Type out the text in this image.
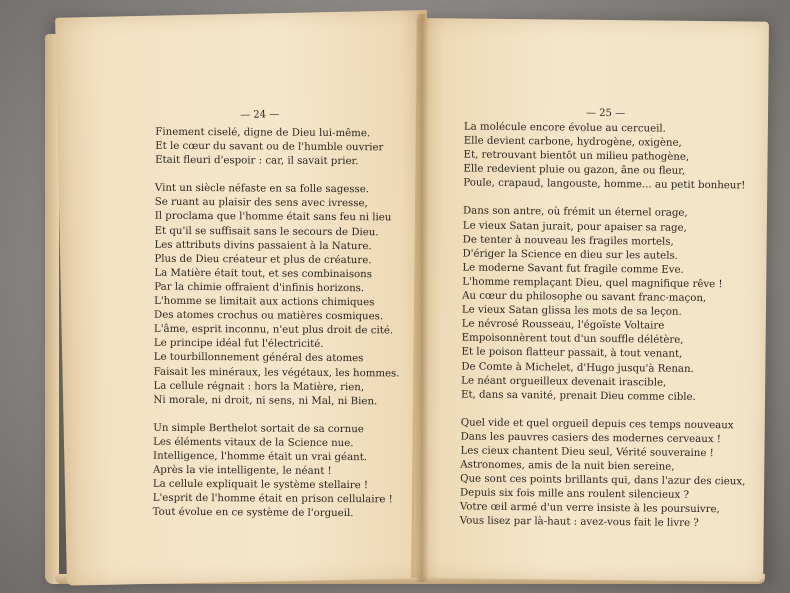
— 24 —
Finement ciselé, digne de Dieu lui-même.
Et le cœur du savant ou de l'humble ouvrier
Etait fleuri d'espoir : car, il savait prier.
Vint un siècle néfaste en sa folle sagesse.
Se ruant au plaisir des sens avec ivresse,
Il proclama que l'homme était sans feu ni lieu
Et qu'il se suffisait sans le secours de Dieu.
Les attributs divins passaient à la Nature.
Plus de Dieu créateur et plus de créature.
La Matière était tout, et ses combinaisons
Par la chimie offraient d'infinis horizons.
L'homme se limitait aux actions chimiques
Des atomes crochus ou matières cosmiques.
L'âme, esprit inconnu, n'eut plus droit de cité.
Le principe idéal fut l'électricité.
Le tourbillonnement général des atomes
Faisait les minéraux, les végétaux, les hommes.
La cellule régnait : hors la Matière, rien,
Ni morale, ni droit, ni sens, ni Mal, ni Bien.
Un simple Berthelot sortait de sa cornue
Les éléments vitaux de la Science nue.
Intelligence, l'homme était un vrai géant.
Après la vie intelligente, le néant !
La cellule expliquait le système stellaire !
L'esprit de l'homme était en prison cellulaire !
Tout évolue en ce système de l'orgueil.
— 25 —
La molécule encore évolue au cercueil.
Elle devient carbone, hydrogène, oxigène,
Et, retrouvant bientôt un milieu pathogène,
Elle redevient pluie ou gazon, âne ou fleur,
Poule, crapaud, langouste, homme... au petit bonheur!
Dans son antre, où frémit un éternel orage,
Le vieux Satan jurait, pour apaiser sa rage,
De tenter à nouveau les fragiles mortels,
D'ériger la Science en dieu sur les autels.
Le moderne Savant fut fragile comme Eve.
L'homme remplaçant Dieu, quel magnifique rêve !
Au cœur du philosophe ou savant franc-maçon,
Le vieux Satan glissa les mots de sa leçon.
Le névrosé Rousseau, l'égoïste Voltaire
Empoisonnèrent tout d'un souffle délétère,
Et le poison flatteur passait, à tout venant,
De Comte à Michelet, d'Hugo jusqu'à Renan.
Le néant orgueilleux devenait irascible,
Et, dans sa vanité, prenait Dieu comme cible.
Quel vide et quel orgueil depuis ces temps nouveaux
Dans les pauvres casiers des modernes cerveaux !
Les cieux chantent Dieu seul, Vérité souveraine !
Astronomes, amis de la nuit bien sereine,
Que sont ces points brillants qui, dans l'azur des cieux,
Depuis six fois mille ans roulent silencieux ?
Votre œil armé d'un verre insiste à les poursuivre,
Vous lisez par là-haut : avez-vous fait le livre ?
